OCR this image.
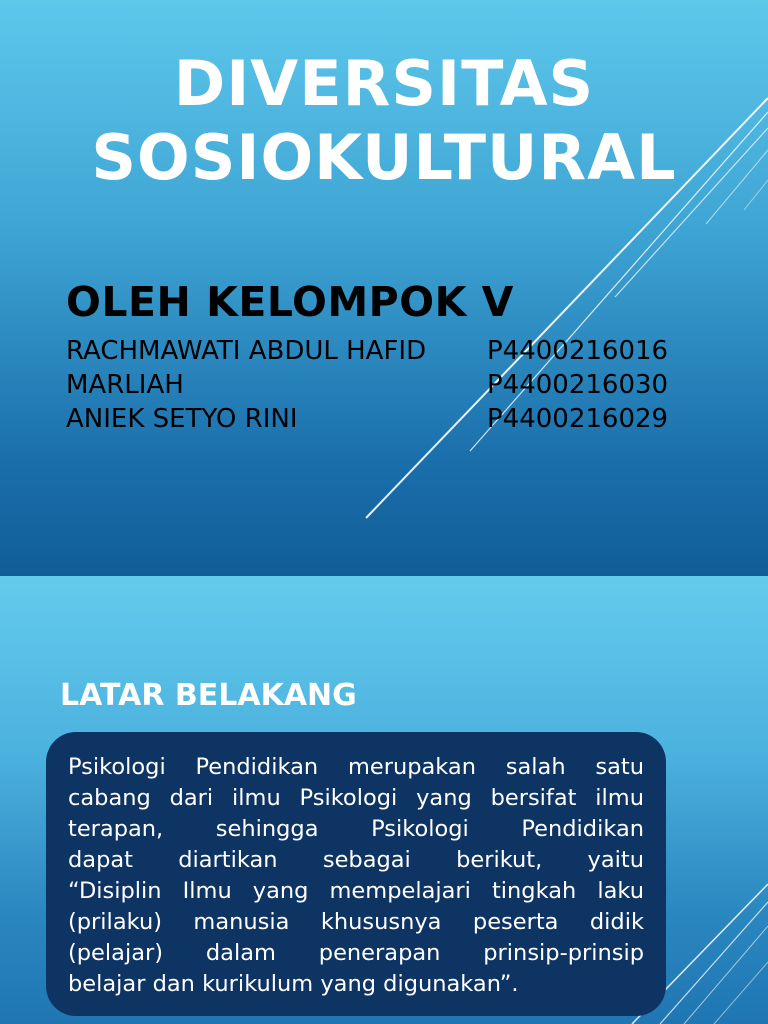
DIVERSITAS
SOSIOKULTURAL
OLEH KELOMPOK V
RACHMAWATI ABDUL HAFID P4400216016
MARLIAH	P4400216030
ANIEK SETYO RINI	P4400216029
LATAR BELAKANG

Psikologi Pendidikan merupakan salah satu
cabang dari ilmu Psikologi yang bersifat ilmu
terapan, sehingga Psikologi Pendidikan
dapat diartikan sebagai berikut, yaitu
“Disiplin Ilmu yang mempelajari tingkah laku
(prilaku) manusia khususnya peserta didik
(pelajar) dalam penerapan prinsip-prinsip
belajar dan kurikulum yang digunakan”.
